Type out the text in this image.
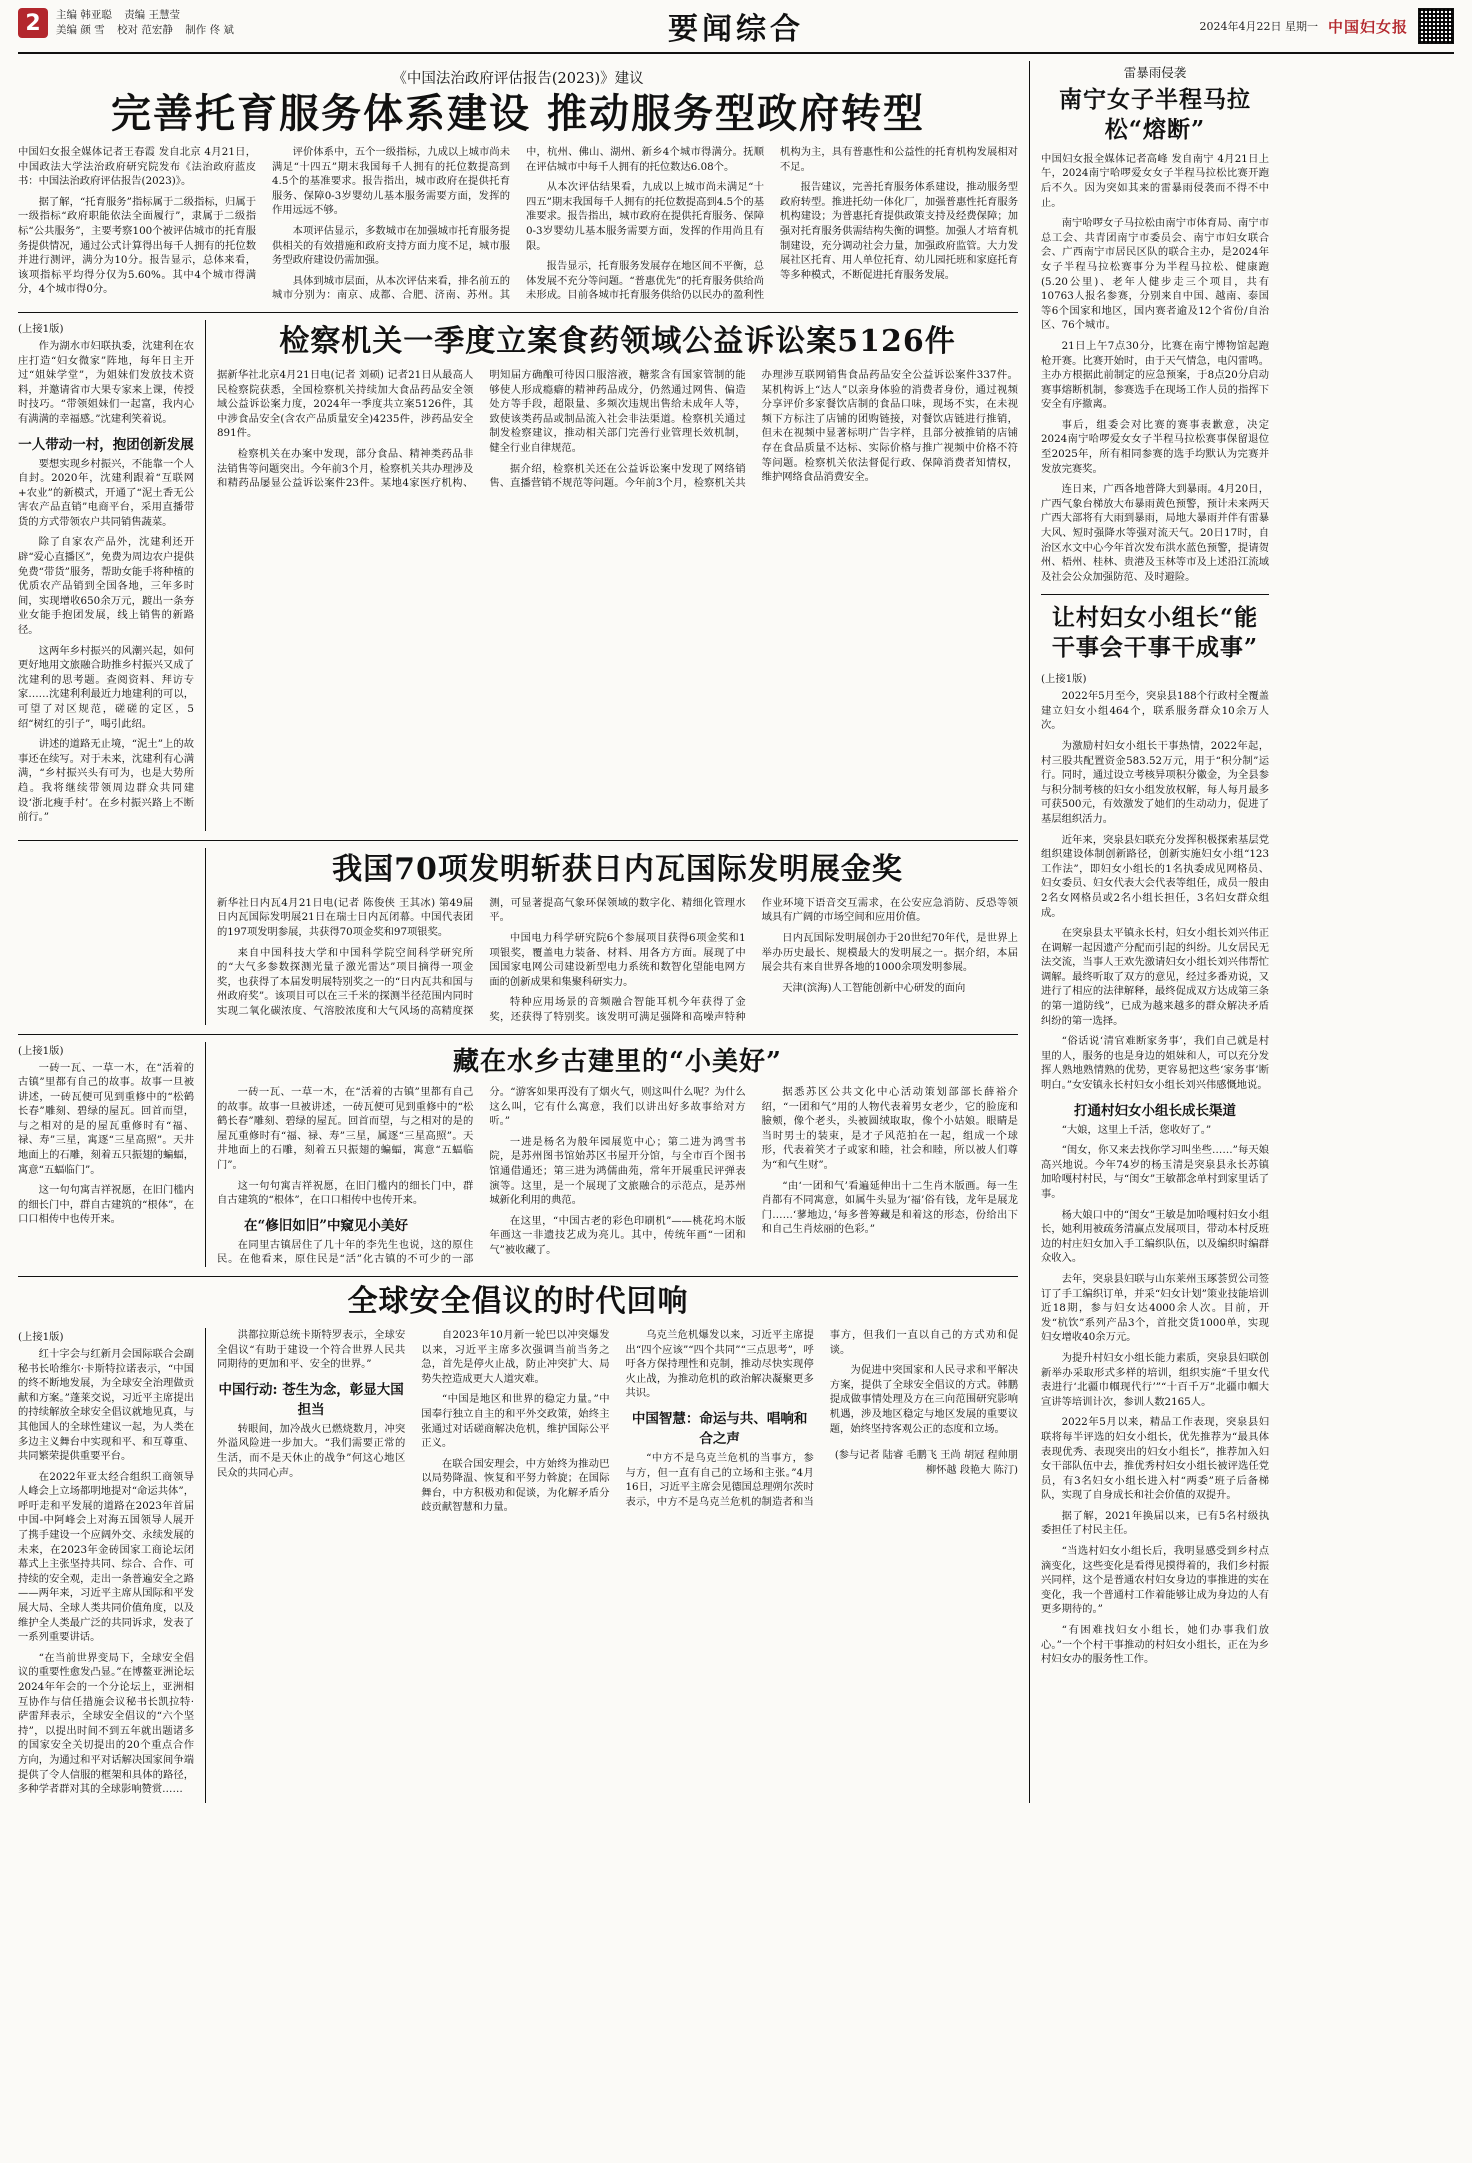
2	主编 韩亚聪 责编 王慧莹
美编 颜 雪 校对 范宏静 制作 佟 斌	要闻综合	2024年4月22日 星期一 中国妇女报
《中国法治政府评估报告(2023)》建议
完善托育服务体系建设 推动服务型政府转型

中国妇女报全媒体记者王春霞 发自北京 4月21日，中国政法大学法治政府研究院发布《法治政府蓝皮书：中国法治政府评估报告(2023)》。

据了解，“托育服务”指标属于二级指标，归属于一级指标“政府职能依法全面履行”，隶属于二级指标“公共服务”，主要考察100个被评估城市的托育服务提供情况，通过公式计算得出每千人拥有的托位数并进行测评，满分为10分。报告显示，总体来看，该项指标平均得分仅为5.60%。其中4个城市得满分，4个城市得0分。

评价体系中，五个一级指标，九成以上城市尚未满足“十四五”期末我国每千人拥有的托位数提高到4.5个的基准要求。报告指出，城市政府在提供托育服务、保障0-3岁婴幼儿基本服务需要方面，发挥的作用远远不够。

本项评估显示，多数城市在加强城市托育服务提供相关的有效措施和政府支持方面力度不足，城市服务型政府建设仍需加强。

具体到城市层面，从本次评估来看，排名前五的城市分别为：南京、成都、合肥、济南、苏州。其中，杭州、佛山、湖州、新乡4个城市得满分。抚顺在评估城市中每千人拥有的托位数达6.08个。

从本次评估结果看，九成以上城市尚未满足“十四五”期末我国每千人拥有的托位数提高到4.5个的基准要求。报告指出，城市政府在提供托育服务、保障0-3岁婴幼儿基本服务需要方面，发挥的作用尚且有限。

报告显示，托育服务发展存在地区间不平衡，总体发展不充分等问题。“普惠优先”的托育服务供给尚未形成。目前各城市托育服务供给仍以民办的盈利性机构为主，具有普惠性和公益性的托育机构发展相对不足。

报告建议，完善托育服务体系建设，推动服务型政府转型。推进托幼一体化厂，加强普惠性托育服务机构建设；为普惠托育提供政策支持及经费保障；加强对托育服务供需结构失衡的调整。加强人才培育机制建设，充分调动社会力量，加强政府监管。大力发展社区托育、用人单位托育、幼儿园托班和家庭托育等多种模式，不断促进托育服务发展。

(上接1版)

作为湖水市妇联执委，沈建利在农庄打造“妇女微家”阵地，每年日主开过“姐妹学堂”，为姐妹们发放技术资料，并邀请省市大果专家来上课，传授时技巧。“带领姐妹们一起富，我内心有满满的幸福感。”沈建利笑着说。

一人带动一村，抱团创新发展

要想实现乡村振兴，不能靠一个人自封。2020年，沈建利跟着“互联网+农业”的新模式，开通了“泥土香无公害农产品直销”电商平台，采用直播带货的方式带领农户共同销售蔬菜。

除了自家农产品外，沈建利还开辟“爱心直播区”，免费为周边农户提供免费“带货”服务，帮助女能手将种植的优质农产品销到全国各地，三年多时间，实现增收650余万元，踱出一条夯业女能手抱团发展，线上销售的新路径。

这两年乡村振兴的风潮兴起，如何更好地用文旅融合助推乡村振兴又成了沈建利的思考题。查阅资料、拜访专家……沈建利利最近力地建利的可以，可望了对区规范，磋磋的定区，5绍“树红的引子”，喝引此绍。

讲述的道路无止境，“泥土”上的故事还在续写。对于未来，沈建利有心满满，“乡村振兴头有可为，也是大势所趋。我将继续带领周边群众共同建设‘浙北瘦手村’。在乡村振兴路上不断前行。”

检察机关一季度立案食药领域公益诉讼案5126件

据新华社北京4月21日电(记者 刘硕) 记者21日从最高人民检察院获悉，全国检察机关持续加大食品药品安全领域公益诉讼案力度，2024年一季度共立案5126件，其中涉食品安全(含农产品质量安全)4235件，涉药品安全891件。

检察机关在办案中发现，部分食品、精神类药品非法销售等问题突出。今年前3个月，检察机关共办理涉及和精药品屡显公益诉讼案件23件。某地4家医疗机构、明知届方确酿可待因口服溶液，糖浆含有国家管制的能够使人形成瘾癖的精神药品成分，仍然通过网售、偏造处方等手段，超限量、多频次违规出售给未成年人等，致使该类药品或制品流入社会非法渠道。检察机关通过制发检察建议，推动相关部门完善行业管理长效机制，健全行业自律规范。

据介绍，检察机关还在公益诉讼案中发现了网络销售、直播营销不规范等问题。今年前3个月，检察机关共办理涉互联网销售食品药品安全公益诉讼案件337件。某机构诉上“达人”以亲身体验的消费者身份，通过视频分享评价多家餐饮店制的食品口味，现场不实，在未视频下方标注了店铺的团购链接，对餐饮店链进行推销，但未在视频中显著标明广告字样，且部分被推销的店铺存在食品质量不达标、实际价格与推广视频中价格不符等问题。检察机关依法督促行政、保障消费者知情权，维护网络食品消费安全。

我国70项发明斩获日内瓦国际发明展金奖

新华社日内瓦4月21日电(记者 陈俊侠 王其冰) 第49届日内瓦国际发明展21日在瑞士日内瓦闭幕。中国代表团的197项发明参展，共获得70项金奖和97项银奖。

来自中国科技大学和中国科学院空间科学研究所的“大气多参数探测光量子激光雷达”项目摘得一项金奖，也获得了本届发明展特别奖之一的“日内瓦共和国与州政府奖”。该项目可以在三千米的探测半径范围内同时实现二氧化碳浓度、气溶胶浓度和大气风场的高精度探测，可显著提高气象环保领域的数字化、精细化管理水平。

中国电力科学研究院6个参展项目获得6项金奖和1项银奖，覆盖电力装备、材料、用各方方面。展现了中国国家电网公司建设新型电力系统和数智化望能电网方面的创新成果和集聚科研实力。

特种应用场景的音频融合智能耳机今年获得了金奖，还获得了特别奖。该发明可满足强降和高噪声特种作业环境下语音交互需求，在公安应急消防、反恐等领域具有广阔的市场空间和应用价值。

日内瓦国际发明展创办于20世纪70年代，是世界上举办历史最长、规模最大的发明展之一。据介绍，本届展会共有来自世界各地的1000余项发明参展。

天津(滨海)人工智能创新中心研发的面向

(上接1版)

一砖一瓦、一草一木，在“活着的古镇”里都有自己的故事。故事一旦被讲述，一砖瓦便可见到重修中的“松鹤长春”雕刻、碧绿的屋瓦。回首而望，与之相对的是的屋瓦重修时有“福、禄、寿”三星，寓逐“三星高照”。天井地面上的石雕，刻着五只振翅的蝙蝠，寓意“五蝠临门”。

这一句句寓吉祥祝愿，在旧门槛内的细长门中，群自古建筑的“根体”，在口口相传中也传开来。

藏在水乡古建里的“小美好”

一砖一瓦、一草一木，在“活着的古镇”里都有自己的故事。故事一旦被讲述，一砖瓦便可见到重修中的“松鹤长春”雕刻、碧绿的屋瓦。回首而望，与之相对的是的屋瓦重修时有“福、禄、寿”三星，属逐“三星高照”。天井地面上的石雕，刻着五只振翅的蝙蝠，寓意“五蝠临门”。

这一句句寓吉祥祝愿，在旧门槛内的细长门中，群自古建筑的“根体”，在口口相传中也传开来。

在“修旧如旧”中窥见小美好

在同里古镇居住了几十年的李先生也说，这的原住民。在他看来，原住民是“活”化古镇的不可少的一部分。“游客如果再没有了烟火气，则这叫什么呢？为什么这么叫，它有什么寓意，我们以讲出好多故事给对方听。”

一进是杨名为般年园展览中心；第二进为鸿雪书院，是苏州图书馆始苏区书屋开分馆，与全市百个图书馆通借通还；第三进为鸿儒曲苑，常年开展重民评弹表演等。这里，是一个展现了文旅融合的示范点，是苏州城新化利用的典范。

在这里，“中国古老的彩色印刷机”——桃花坞木版年画这一非遗技艺成为亮儿。其中，传统年画“一团和气”被收藏了。

据悉苏区公共文化中心活动策划部部长薛裕介绍，“一团和气”用的人物代表着男女老少，它的脸庞和臉颊，像个老头，头被圆绒取取，像个小姑娘。眼睛是当时男士的装束，是才子风范拍在一起，组成一个球形，代表着笑才子或家和睦，社会和睦，所以被人们尊为“和气生财”。

“由‘一团和气’看遍延伸出十二生肖木版画。每一生肖都有不同寓意，如属牛头显为‘福’俗有钱，龙年是展龙门……‘蓼地边，’每多普筹藏是和着这的形态，份给出下和自己生肖炫丽的色彩。”

全球安全倡议的时代回响

(上接1版)

红十字会与红新月会国际联合会副秘书长哈维尔·卡斯特拉诺表示，“中国的终不断地发展，为全球安全治理做贡献和方案。”蓬莱交说，习近平主席提出的持续解放全球安全倡议就地见真，与其他国人的全球性建议一起，为人类在多边主义舞台中实现和平、和互尊重、共同繁荣提供重要平台。

在2022年亚太经合组织工商领导人峰会上立场都明地提对“命运共体”，呼吁走和平发展的道路在2023年首届中国-中阿峰会上对海五国领导人展开了携手建设一个应阔外交、永续发展的未来，在2023年金砖国家工商论坛闭幕式上主张坚持共同、综合、合作、可持续的安全观，走出一条普遍安全之路——两年来，习近平主席从国际和平发展大局、全球人类共同价值角度，以及维护全人类最广泛的共同诉求，发表了一系列重要讲话。

“在当前世界变局下，全球安全倡议的重要性愈发凸显。”在博鳌亚洲论坛2024年年会的一个分论坛上，亚洲相互协作与信任措施会议秘书长凯拉特·萨雷拜表示，全球安全倡议的“六个坚持”，以提出时间不到五年就出题诸多的国家安全关切提出的20个重点合作方向，为通过和平对话解决国家间争端提供了令人信服的框架和具体的路径，多种学者群对其的全球影响赞赏……

洪都拉斯总统卡斯特罗表示，全球安全倡议“有助于建设一个符合世界人民共同期待的更加和平、安全的世界。”

中国行动: 苍生为念，彰显大国担当

转眼间，加冷战火已燃烧数月，冲突外溢风险进一步加大。“我们需要正常的生活，而不是天休止的战争”何这心地区民众的共同心声。

自2023年10月新一轮巴以冲突爆发以来，习近平主席多次强调当前当务之急，首先是停火止战，防止冲突扩大、局势失控造成更大人道灾难。

“中国是地区和世界的稳定力量。”中国奉行独立自主的和平外交政策，始终主张通过对话磋商解决危机，维护国际公平正义。

在联合国安理会，中方始终为推动巴以局势降温、恢复和平努力斡旋；在国际舞台，中方积极劝和促谈，为化解矛盾分歧贡献智慧和力量。

乌克兰危机爆发以来，习近平主席提出“四个应该”“四个共同”“三点思考”，呼吁各方保持理性和克制，推动尽快实现停火止战，为推动危机的政治解决凝聚更多共识。

中国智慧：命运与共、唱响和合之声

“中方不是乌克兰危机的当事方，参与方，但一直有自己的立场和主张。”4月16日，习近平主席会见德国总理朔尔茨时表示，中方不是乌克兰危机的制造者和当事方，但我们一直以自己的方式劝和促谈。

为促进中突国家和人民寻求和平解决方案，提供了全球安全倡议的方式。韩鹏提成做事情处理及方在三向范围研究影响机遇，涉及地区稳定与地区发展的重要议题，始终坚持客观公正的态度和立场。

(参与记者 陆睿 毛鹏飞 王尚 胡冠 程帅朋 柳怀越 段艳大 陈汀)

雷暴雨侵袭
南宁女子半程马拉松“熔断”

中国妇女报全媒体记者高峰 发自南宁 4月21日上午，2024南宁哈啰爱女女子半程马拉松比赛开跑后不久。因为突如其来的雷暴雨侵袭而不得不中止。

南宁哈啰女子马拉松由南宁市体育局、南宁市总工会、共青团南宁市委员会、南宁市妇女联合会、广西南宁市居民区队的联合主办，是2024年女子半程马拉松赛事分为半程马拉松、健康跑(5.20公里)、老年人健步走三个项目，共有10763人报名参赛，分别来自中国、越南、泰国等6个国家和地区，国内赛者逾及12个省份/自治区、76个城市。

21日上午7点30分，比赛在南宁博物馆起跑枪开赛。比赛开始时，由于天气情急，电闪雷鸣。主办方根据此前制定的应急预案，于8点20分启动赛事熔断机制，参赛选手在现场工作人员的指挥下安全有序撤离。

事后，组委会对比赛的赛事表歉意，决定2024南宁哈啰爱女女子半程马拉松赛事保留退位至2025年，所有相同参赛的选手均默认为完赛并发放完赛奖。

连日来，广西各地普降大到暴雨。4月20日，广西气象台梯放大布暴雨黄色预警，预计未来两天广西大部将有大雨到暴雨，局地大暴雨并伴有雷暴大风、短时强降水等强对流天气。20日17时，自治区水文中心今年首次发布洪水蓝色预警，提请贺州、梧州、桂林、贵港及玉林等市及上述沿江流域及社会公众加强防范、及时避险。

让村妇女小组长“能干事会干事干成事”

(上接1版)

2022年5月至今，突泉县188个行政村全覆盖建立妇女小组464个，联系服务群众10余万人次。

为激励村妇女小组长干事热情，2022年起，村三股共配置资金583.52万元，用于“积分制”运行。同时，通过设立考核异项积分徽金，为全县参与积分制考核的妇女小组发放权解，每人每月最多可获500元，有效激发了她们的生动动力，促进了基层组织活力。

近年来，突泉县妇联充分发挥积极探索基层党组织建设体制创新路径，创新实施妇女小组“123工作法”，即妇女小组长的1名执委成见网格员、妇女委员、妇女代表大会代表等组任，成员一般由2名女网格员或2名小组长担任，3名妇女群众组成。

在突泉县太平镇永长村，妇女小组长刘兴伟正在调解一起因遗产分配而引起的纠纷。儿女居民无法交流，当事人王欢先激请妇女小组长刘兴伟帮忙调解。最终听取了双方的意见，经过多番劝说，又进行了相应的法律解释，最终促成双方达成第三条的第一道防线”，已成为越来越多的群众解决矛盾纠纷的第一选择。

“俗话说‘清官难断家务事’，我们自己就是村里的人，服务的也是身边的姐妹和人，可以充分发挥人熟地熟情熟的优势，更容易把这些‘家务事’断明白。”女安镇永长村妇女小组长刘兴伟感慨地说。

打通村妇女小组长成长渠道

“大娘，这里上千活，您收好了。”

“闺女，你又来去找你学习叫坐些……”每天娘高兴地说。今年74岁的杨玉清是突泉县永长苏镇加哈嘎村村民，与“闺女”王敏都念单村到家里话了事。

杨大娘口中的“闺女”王敏是加哈嘎村妇女小组长，她利用被疏务清赢点发展项目，带动本村反班边的村庄妇女加入手工编织队伍，以及编织时编群众收入。

去年，突泉县妇联与山东莱州玉琢荟贸公司签订了手工编织订单，并采“妇女计划”策业技能培训近18期，参与妇女达4000余人次。目前，开发“杭饮”系列产品3个，首批交货1000单，实现妇女增收40余万元。

为提升村妇女小组长能力素质，突泉县妇联创新举办采取形式多样的培训，组织实施“千里女代表进行‘北疆巾帼现代行’”“十百千万”北疆巾帼大宣讲等培训计次，参训人数2165人。

2022年5月以来，精品工作表现，突泉县妇联将每半评选的妇女小组长，优先推荐为“最具体表现优秀、表现突出的妇女小组长”，推荐加入妇女干部队伍中去，推优秀村妇女小组长被评选任党员，有3名妇女小组长进入村“两委”班子后备梯队，实现了自身成长和社会价值的双提升。

据了解，2021年换届以来，已有5名村级执委担任了村民主任。

“当选村妇女小组长后，我明显感受到乡村点滴变化，这些变化是看得见摸得着的，我们乡村振兴同样，这个是普通农村妇女身边的事推进的实在变化，我一个普通村工作着能够让成为身边的人有更多期待的。”

“有困难找妇女小组长，她们办事我们放心。”一个个村干事推动的村妇女小组长，正在为乡村妇女办的服务性工作。
